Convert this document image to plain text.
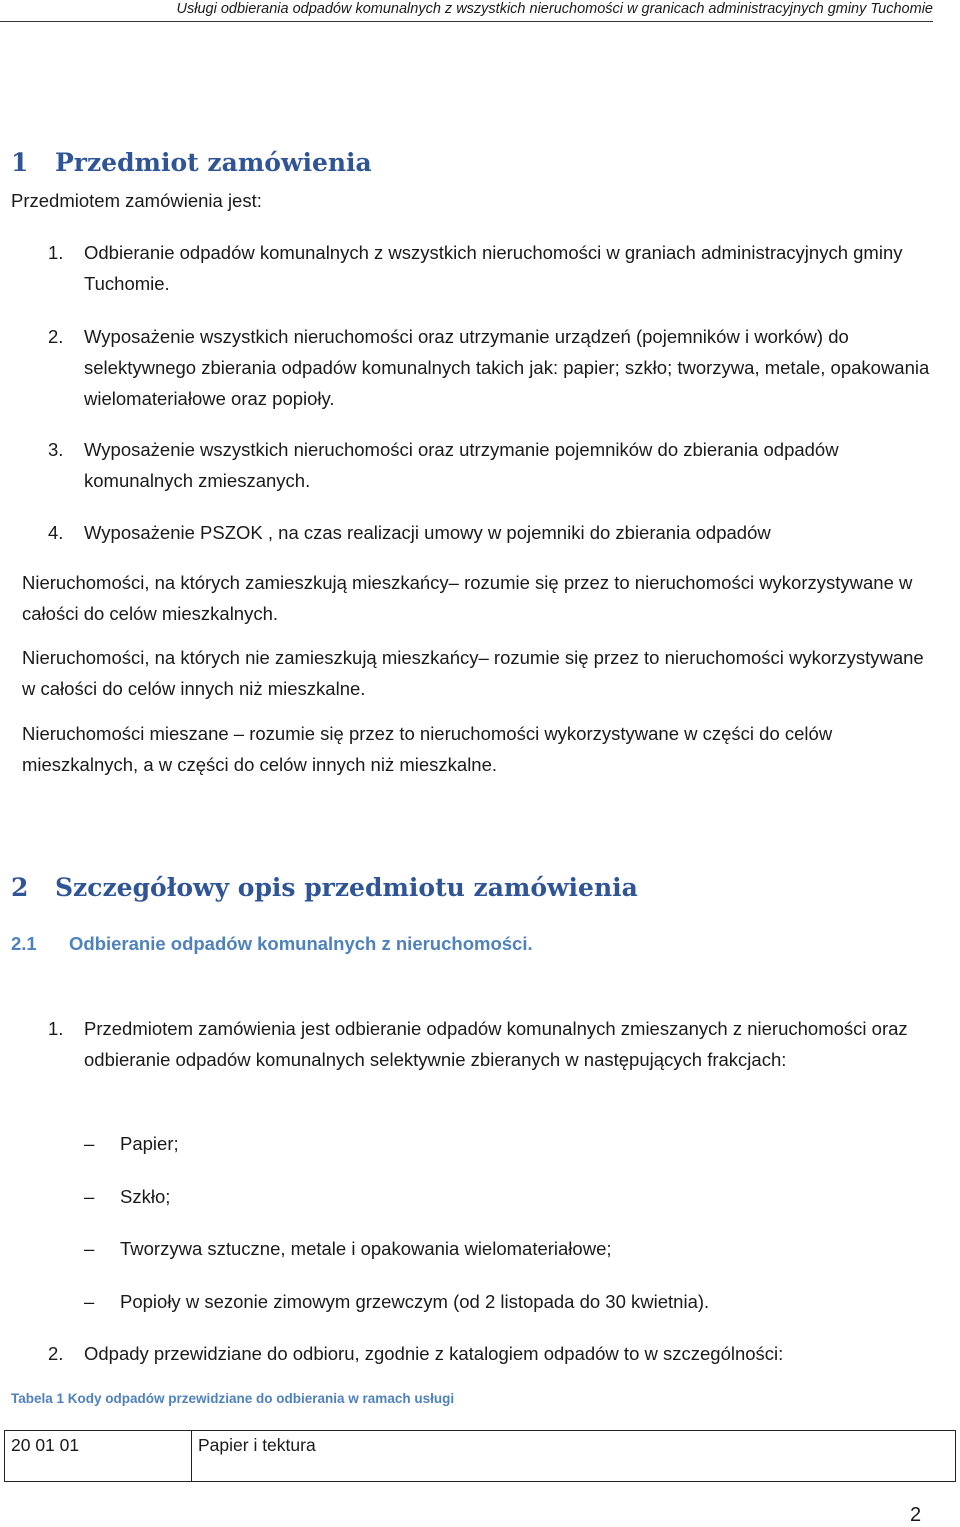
Usługi odbierania odpadów komunalnych z wszystkich nieruchomości w granicach administracyjnych gminy Tuchomie
1 Przedmiot zamówienia
Przedmiotem zamówienia jest:
1.	Odbieranie odpadów komunalnych z wszystkich nieruchomości w graniach administracyjnych gminy Tuchomie.
2.	Wyposażenie wszystkich nieruchomości oraz utrzymanie urządzeń (pojemników i worków) do selektywnego zbierania odpadów komunalnych takich jak: papier; szkło; tworzywa, metale, opakowania wielomateriałowe oraz popioły.
3.	Wyposażenie wszystkich nieruchomości oraz utrzymanie pojemników do zbierania odpadów komunalnych zmieszanych.
4.	Wyposażenie PSZOK , na czas realizacji umowy w pojemniki do zbierania odpadów
Nieruchomości, na których zamieszkują mieszkańcy– rozumie się przez to nieruchomości wykorzystywane w całości do celów mieszkalnych.
Nieruchomości, na których nie zamieszkują mieszkańcy– rozumie się przez to nieruchomości wykorzystywane w całości do celów innych niż mieszkalne.
Nieruchomości mieszane – rozumie się przez to nieruchomości wykorzystywane w części do celów mieszkalnych, a w części do celów innych niż mieszkalne.
2 Szczegółowy opis przedmiotu zamówienia
2.1 Odbieranie odpadów komunalnych z nieruchomości.
1.	Przedmiotem zamówienia jest odbieranie odpadów komunalnych zmieszanych z nieruchomości oraz odbieranie odpadów komunalnych selektywnie zbieranych w następujących frakcjach:
– Papier;
– Szkło;
– Tworzywa sztuczne, metale i opakowania wielomateriałowe;
– Popioły w sezonie zimowym grzewczym (od 2 listopada do 30 kwietnia).
2.	Odpady przewidziane do odbioru, zgodnie z katalogiem odpadów to w szczególności:
Tabela 1 Kody odpadów przewidziane do odbierania w ramach usługi
20 01 01	Papier i tektura
2
